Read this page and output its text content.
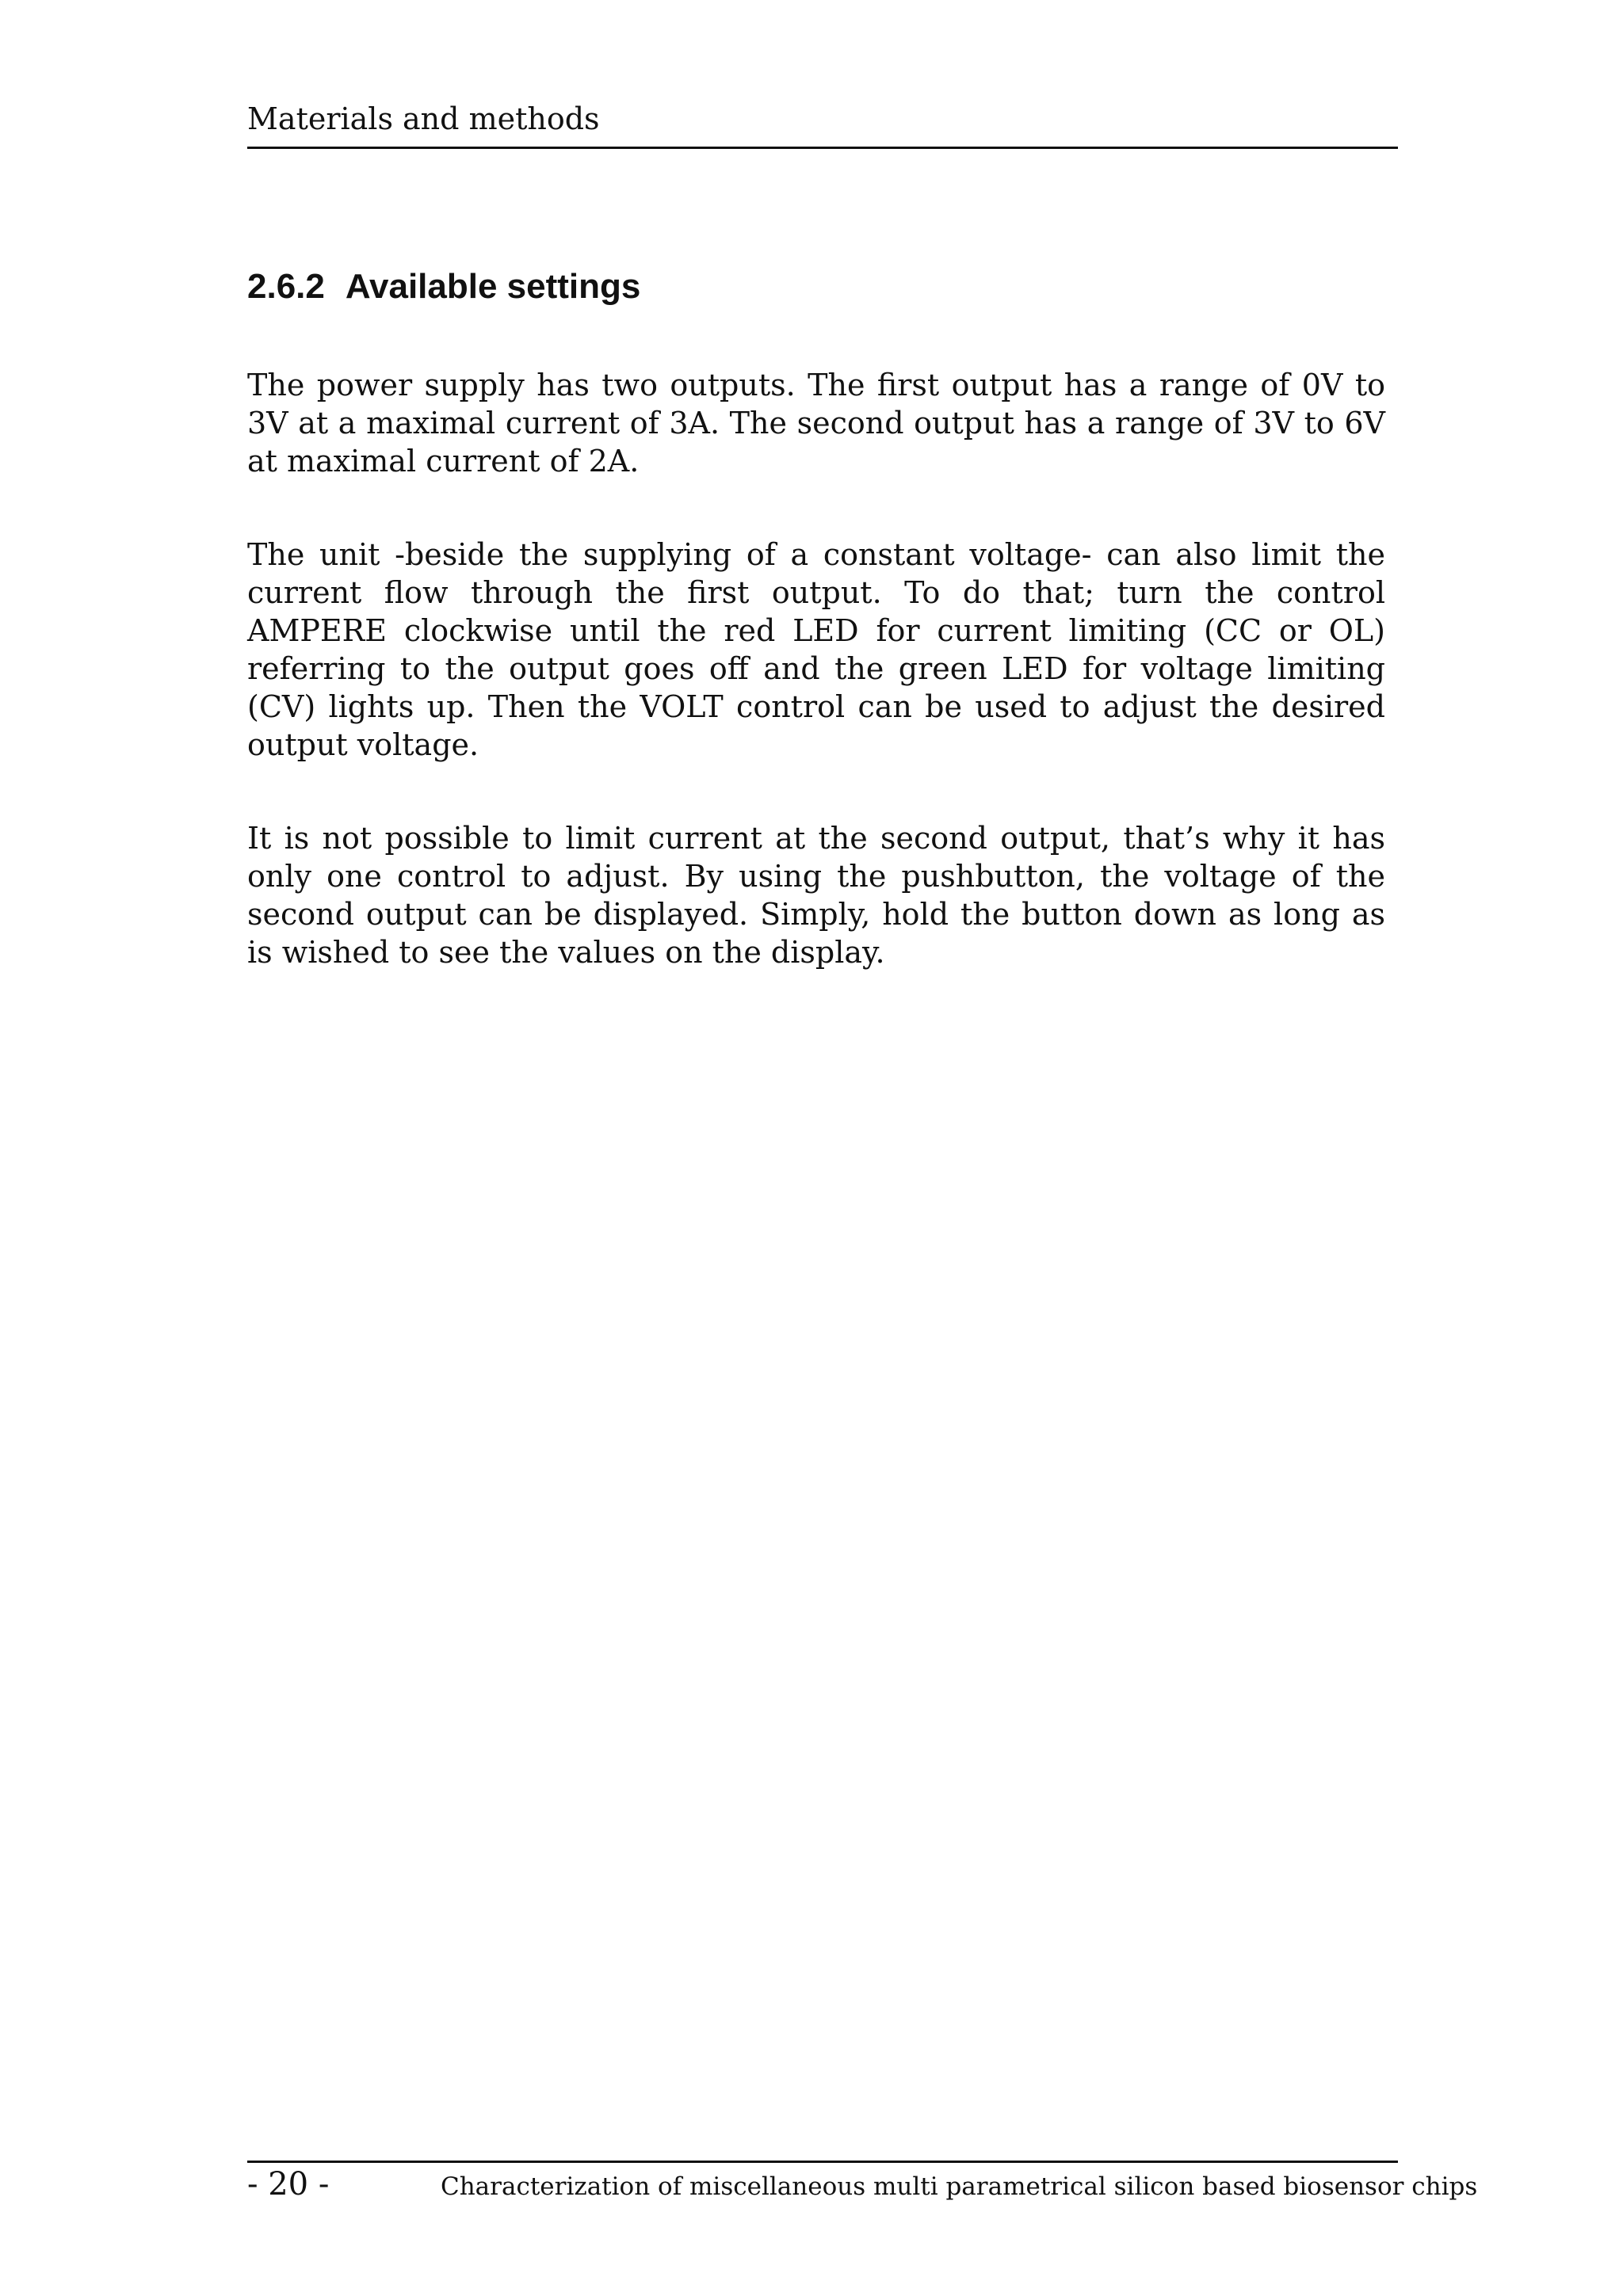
Materials and methods
2.6.2 Available settings

The power supply has two outputs. The first output has a range of 0V to 3V at a maximal current of 3A. The second output has a range of 3V to 6V at maximal current of 2A.

The unit -beside the supplying of a constant voltage- can also limit the current flow through the first output. To do that; turn the control AMPERE clockwise until the red LED for current limiting (CC or OL) referring to the output goes off and the green LED for voltage limiting (CV) lights up. Then the VOLT control can be used to adjust the desired output voltage.

It is not possible to limit current at the second output, that’s why it has only one control to adjust. By using the pushbutton, the voltage of the second output can be displayed. Simply, hold the button down as long as is wished to see the values on the display.

- 20 -	Characterization of miscellaneous multi parametrical silicon based biosensor chips
